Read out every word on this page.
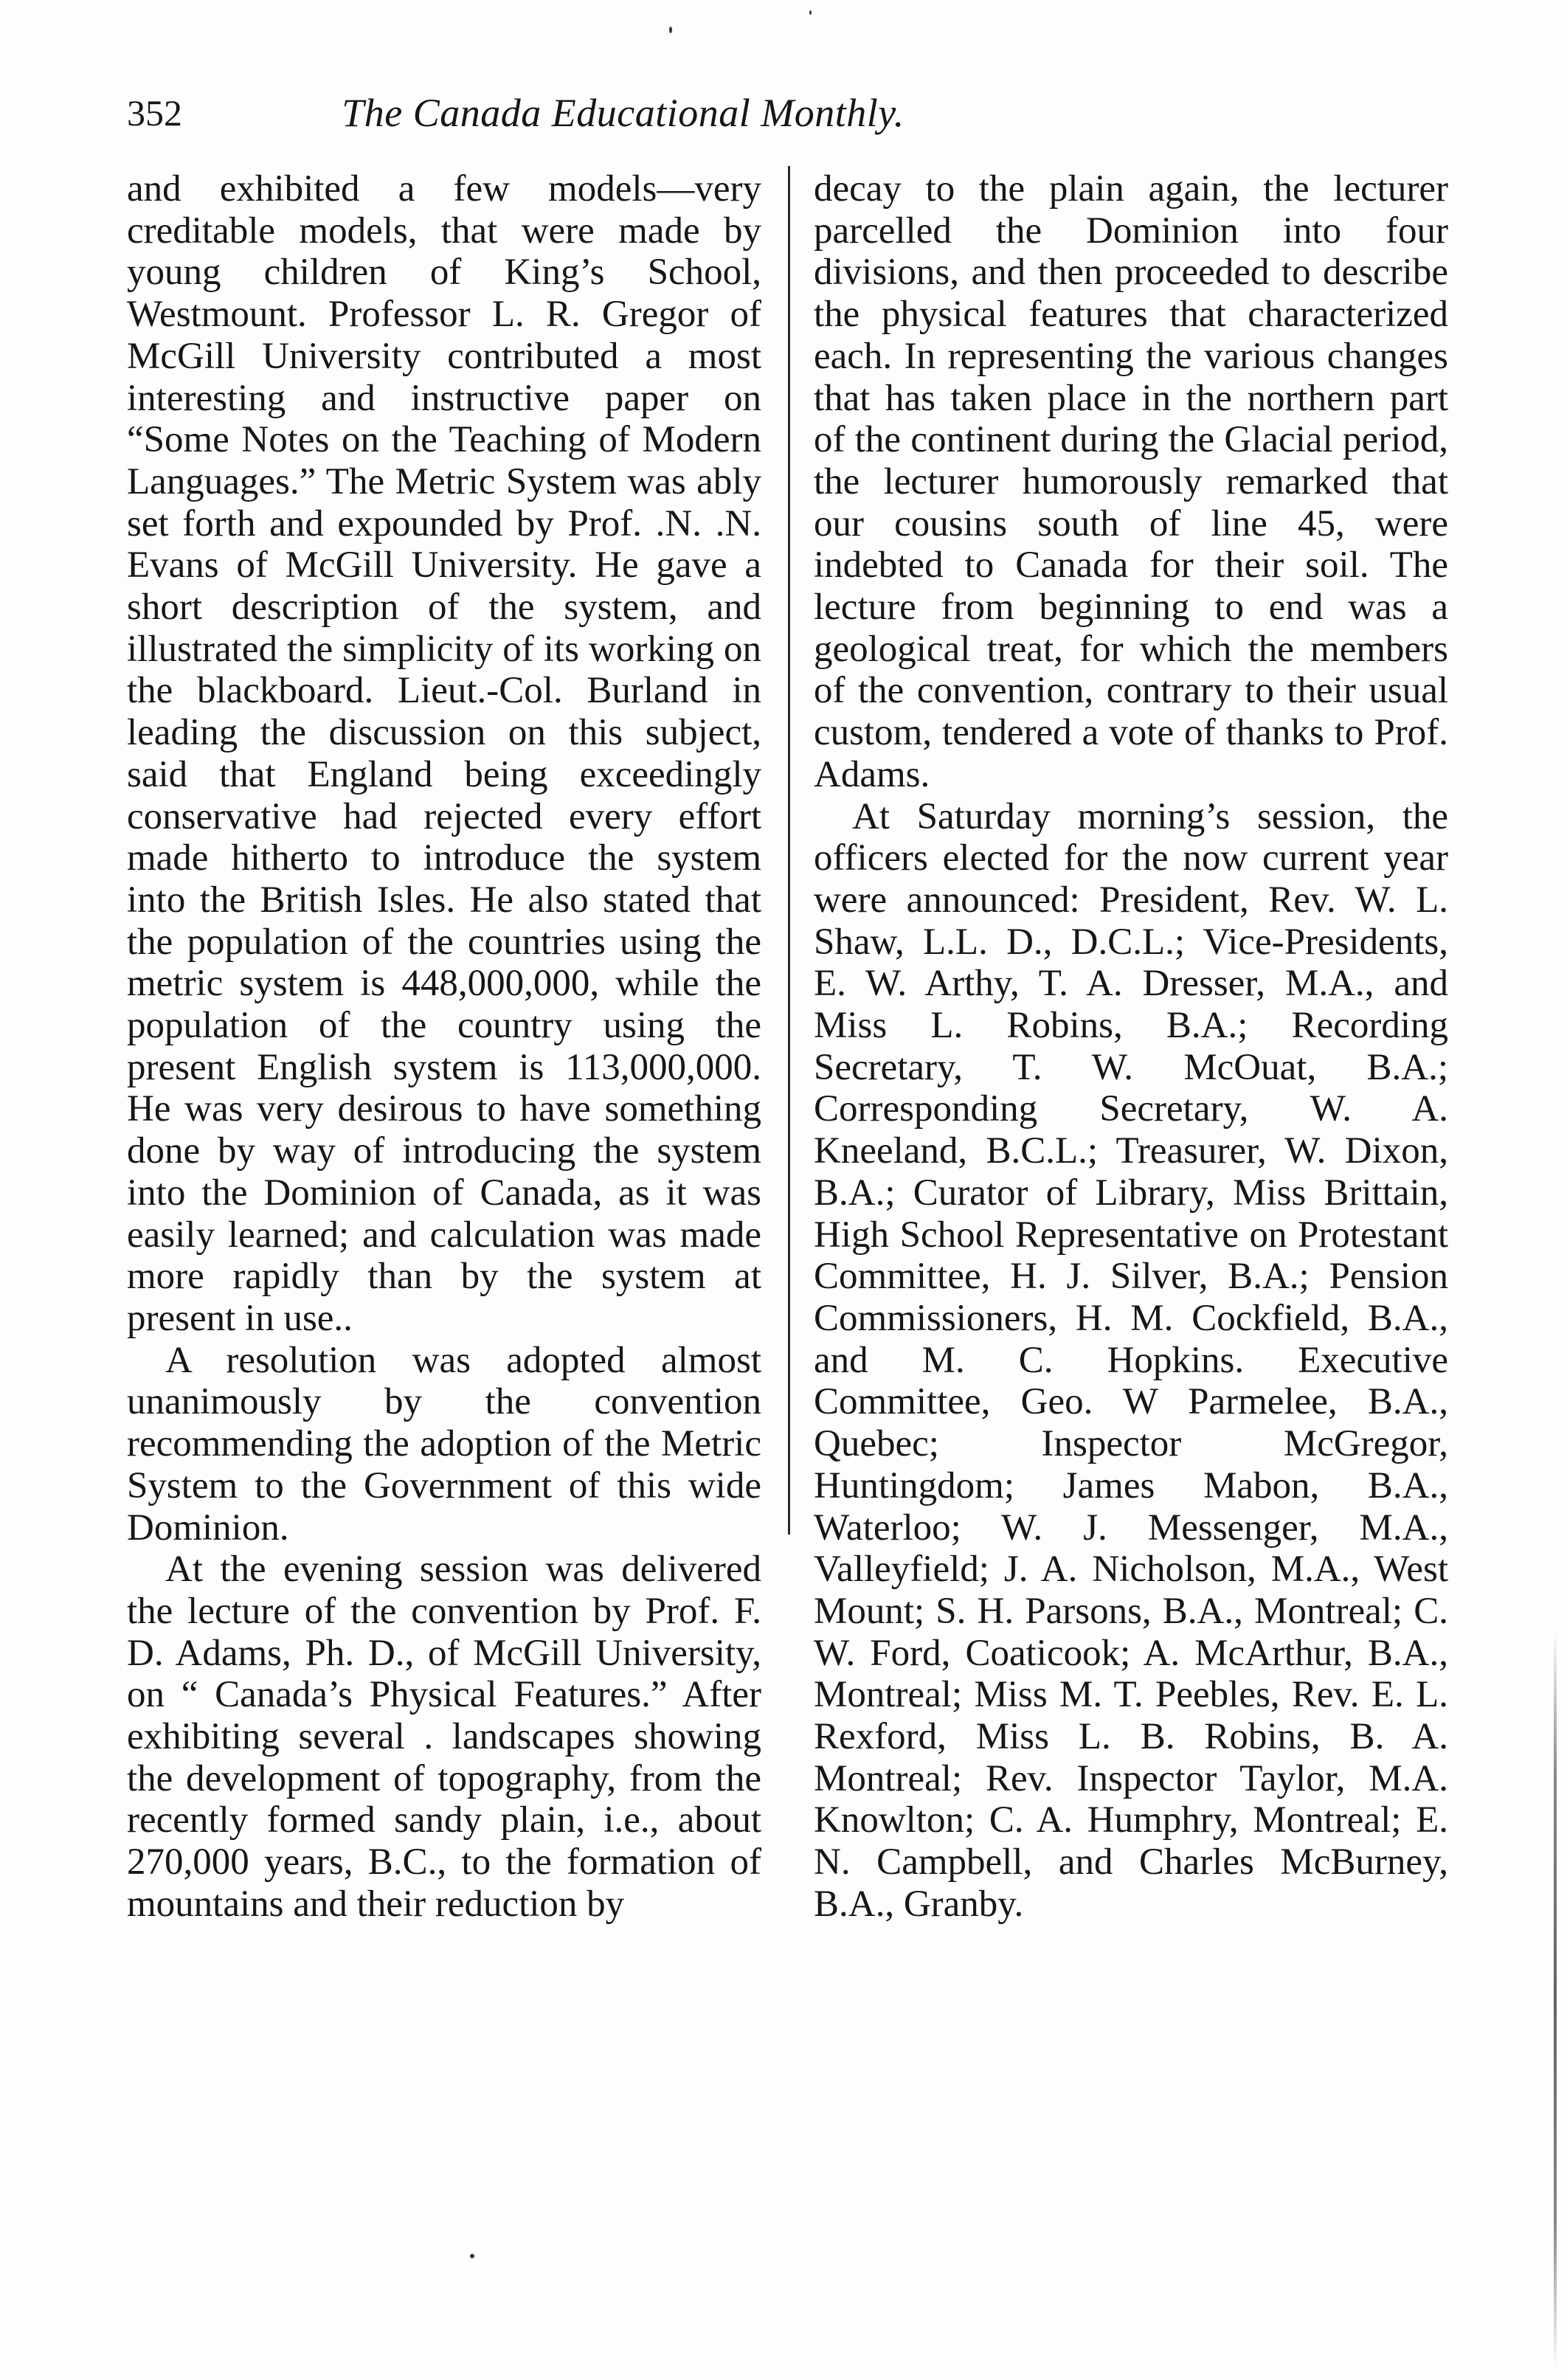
352	The Canada Educational Monthly.

and exhibited a few models—very creditable models, that were made by young children of King’s School, Westmount. Professor L. R. Gregor of McGill University contributed a most interesting and instructive paper on “Some Notes on the Teaching of Modern Languages.” The Metric System was ably set forth and expounded by Prof. .N. .N. Evans of McGill University. He gave a short description of the system, and illustrated the simplicity of its working on the blackboard. Lieut.-Col. Burland in leading the discussion on this subject, said that England being exceedingly conservative had rejected every effort made hitherto to introduce the system into the British Isles. He also stated that the population of the countries using the metric system is 448,000,000, while the population of the country using the present English system is 113,000,000. He was very desirous to have something done by way of introducing the system into the Dominion of Canada, as it was easily learned; and calculation was made more rapidly than by the system at present in use..

A resolution was adopted almost unanimously by the convention recommending the adoption of the Metric System to the Government of this wide Dominion.

At the evening session was delivered the lecture of the convention by Prof. F. D. Adams, Ph. D., of McGill University, on “ Canada’s Physical Features.” After exhibiting several . landscapes showing the development of topography, from the recently formed sandy plain, i.e., about 270,000 years, B.C., to the formation of mountains and their reduction by

decay to the plain again, the lecturer parcelled the Dominion into four divisions, and then proceeded to describe the physical features that characterized each. In representing the various changes that has taken place in the northern part of the continent during the Glacial period, the lecturer humorously remarked that our cousins south of line 45, were indebted to Canada for their soil. The lecture from beginning to end was a geological treat, for which the members of the convention, contrary to their usual custom, tendered a vote of thanks to Prof. Adams.

At Saturday morning’s session, the officers elected for the now current year were announced: President, Rev. W. L. Shaw, L.L. D., D.C.L.; Vice-Presidents, E. W. Arthy, T. A. Dresser, M.A., and Miss L. Robins, B.A.; Recording Secretary, T. W. McOuat, B.A.; Corresponding Secretary, W. A. Kneeland, B.C.L.; Treasurer, W. Dixon, B.A.; Curator of Library, Miss Brittain, High School Representative on Protestant Committee, H. J. Silver, B.A.; Pension Commissioners, H. M. Cockfield, B.A., and M. C. Hopkins. Executive Committee, Geo. W Parmelee, B.A., Quebec; Inspector McGregor, Huntingdom; James Mabon, B.A., Waterloo; W. J. Messenger, M.A., Valleyfield; J. A. Nicholson, M.A., West Mount; S. H. Parsons, B.A., Montreal; C. W. Ford, Coaticook; A. McArthur, B.A., Montreal; Miss M. T. Peebles, Rev. E. L. Rexford, Miss L. B. Robins, B. A. Montreal; Rev. Inspector Taylor, M.A. Knowlton; C. A. Humphry, Montreal; E. N. Campbell, and Charles McBurney, B.A., Granby.
